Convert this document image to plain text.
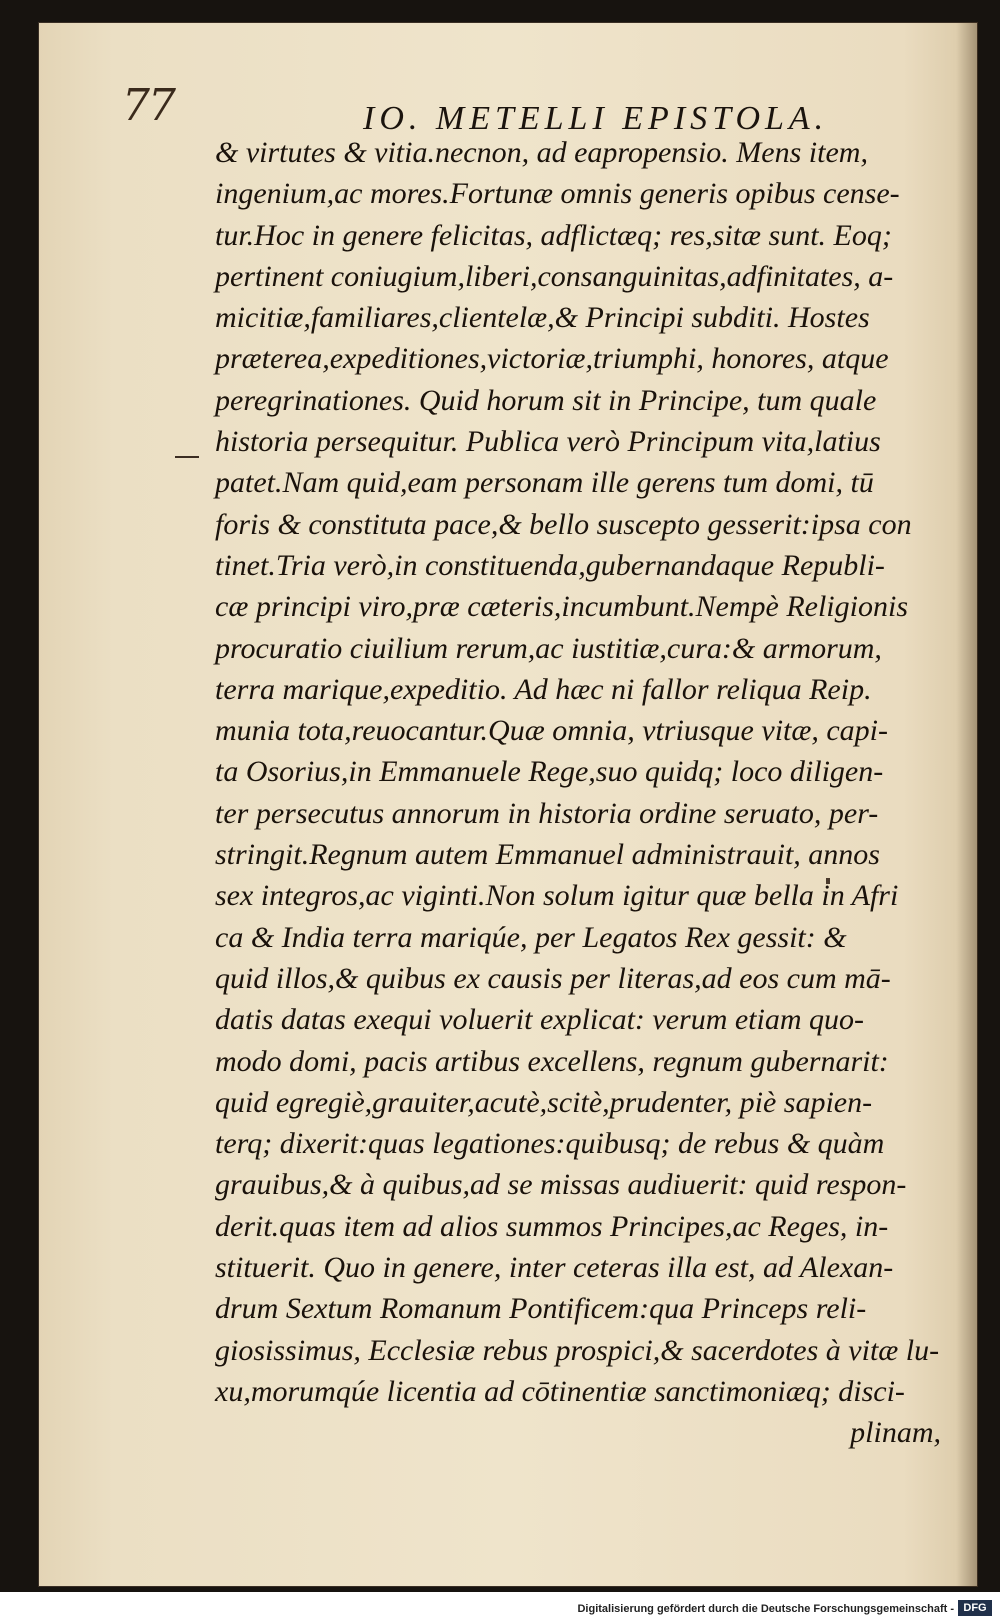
77	IO. METELLI EPISTOLA.
& virtutes & vitia.necnon, ad eapropensio. Mens item,
ingenium,ac mores.Fortunæ omnis generis opibus cense-
tur.Hoc in genere felicitas, adflictæq; res,sitæ sunt. Eoq;
pertinent coniugium,liberi,consanguinitas,adfinitates, a-
micitiæ,familiares,clientelæ,& Principi subditi. Hostes
præterea,expeditiones,victoriæ,triumphi, honores, atque
peregrinationes. Quid horum sit in Principe, tum quale
historia persequitur. Publica verò Principum vita,latius
patet.Nam quid,eam personam ille gerens tum domi, tū
foris & constituta pace,& bello suscepto gesserit:ipsa con
tinet.Tria verò,in constituenda,gubernandaque Republi-
cæ principi viro,præ cæteris,incumbunt.Nempè Religionis
procuratio ciuilium rerum,ac iustitiæ,cura:& armorum,
terra marique,expeditio. Ad hæc ni fallor reliqua Reip.
munia tota,reuocantur.Quæ omnia, vtriusque vitæ, capi-
ta Osorius,in Emmanuele Rege,suo quidq; loco diligen-
ter persecutus annorum in historia ordine seruato, per-
stringit.Regnum autem Emmanuel administrauit, annos
sex integros,ac viginti.Non solum igitur quæ bella in Afri
ca & India terra mariqúe, per Legatos Rex gessit: &
quid illos,& quibus ex causis per literas,ad eos cum mā-
datis datas exequi voluerit explicat: verum etiam quo-
modo domi, pacis artibus excellens, regnum gubernarit:
quid egregiè,grauiter,acutè,scitè,prudenter, piè sapien-
terq; dixerit:quas legationes:quibusq; de rebus & quàm
grauibus,& à quibus,ad se missas audiuerit: quid respon-
derit.quas item ad alios summos Principes,ac Reges, in-
stituerit. Quo in genere, inter ceteras illa est, ad Alexan-
drum Sextum Romanum Pontificem:qua Princeps reli-
giosissimus, Ecclesiæ rebus prospici,& sacerdotes à vitæ lu-
xu,morumqúe licentia ad cōtinentiæ sanctimoniæq; disci-
plinam,
Digitalisierung gefördert durch die Deutsche Forschungsgemeinschaft - DFG
